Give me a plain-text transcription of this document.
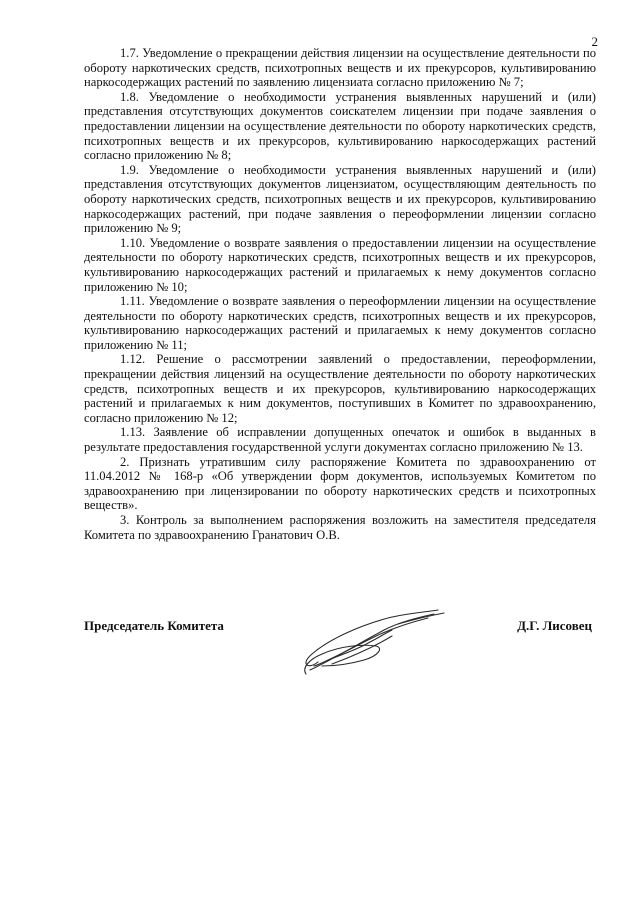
2

1.7. Уведомление о прекращении действия лицензии на осуществление деятельности по обороту наркотических средств, психотропных веществ и их прекурсоров, культивированию наркосодержащих растений по заявлению лицензиата согласно приложению № 7;

1.8. Уведомление о необходимости устранения выявленных нарушений и (или) представления отсутствующих документов соискателем лицензии при подаче заявления о предоставлении лицензии на осуществление деятельности по обороту наркотических средств, психотропных веществ и их прекурсоров, культивированию наркосодержащих растений согласно приложению № 8;

1.9. Уведомление о необходимости устранения выявленных нарушений и (или) представления отсутствующих документов лицензиатом, осуществляющим деятельность по обороту наркотических средств, психотропных веществ и их прекурсоров, культивированию наркосодержащих растений, при подаче заявления о переоформлении лицензии согласно приложению № 9;

1.10. Уведомление о возврате заявления о предоставлении лицензии на осуществление деятельности по обороту наркотических средств, психотропных веществ и их прекурсоров, культивированию наркосодержащих растений и прилагаемых к нему документов согласно приложению № 10;

1.11. Уведомление о возврате заявления о переоформлении лицензии на осуществление деятельности по обороту наркотических средств, психотропных веществ и их прекурсоров, культивированию наркосодержащих растений и прилагаемых к нему документов согласно приложению № 11;

1.12. Решение о рассмотрении заявлений о предоставлении, переоформлении, прекращении действия лицензий на осуществление деятельности по обороту наркотических средств, психотропных веществ и их прекурсоров, культивированию наркосодержащих растений и прилагаемых к ним документов, поступивших в Комитет по здравоохранению, согласно приложению № 12;

1.13. Заявление об исправлении допущенных опечаток и ошибок в выданных в результате предоставления государственной услуги документах согласно приложению № 13.

2. Признать утратившим силу распоряжение Комитета по здравоохранению от 11.04.2012 № 168-р «Об утверждении форм документов, используемых Комитетом по здравоохранению при лицензировании по обороту наркотических средств и психотропных веществ».

3. Контроль за выполнением распоряжения возложить на заместителя председателя Комитета по здравоохранению Гранатович О.В.

Председатель Комитета	Д.Г. Лисовец
